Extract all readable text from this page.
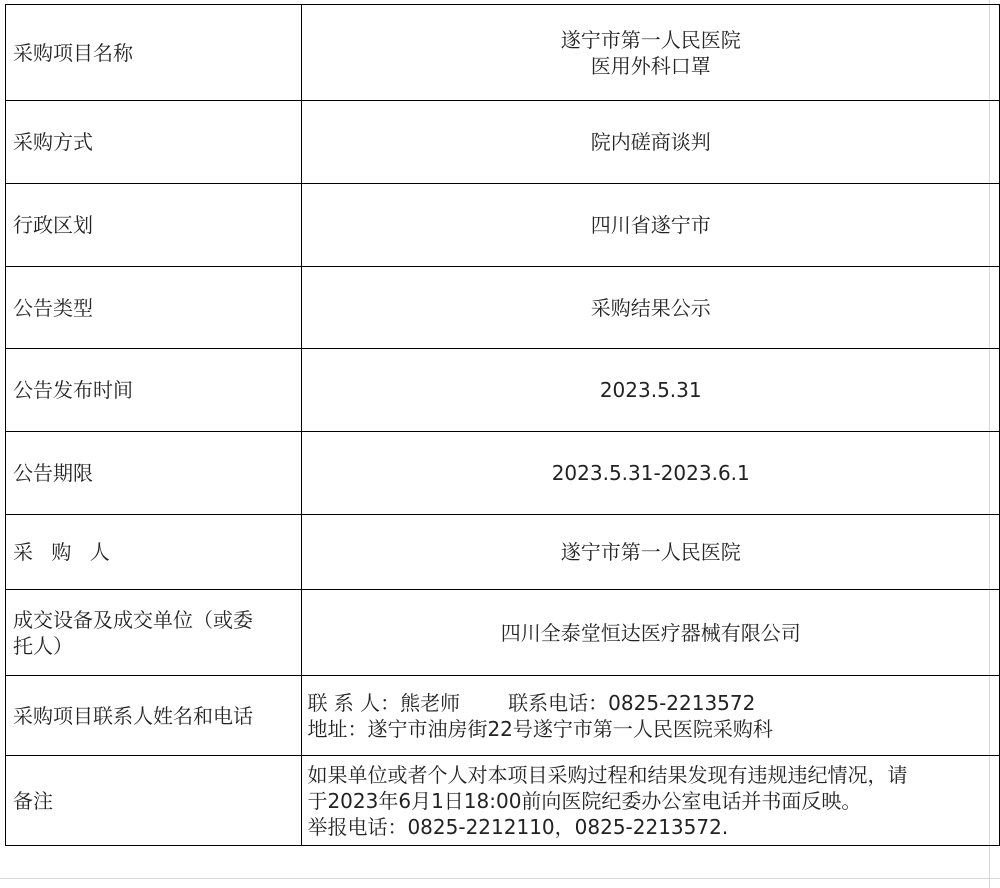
采购项目名称	遂宁市第一人民医院
医用外科口罩

采购方式	院内磋商谈判
行政区划	四川省遂宁市
公告类型	采购结果公示
公告发布时间	2023.5.31
公告期限	2023.5.31-2023.6.1
采 购 人	遂宁市第一人民医院

成交设备及成交单位（或委
托人）	四川全泰堂恒达医疗器械有限公司
采购项目联系人姓名和电话	联 系 人：熊老师 联系电话：0825-2213572
地址：遂宁市油房街22号遂宁市第一人民医院采购科

备注	如果单位或者个人对本项目采购过程和结果发现有违规违纪情况，请
于2023年6月1日18:00前向医院纪委办公室电话并书面反映。
举报电话：0825-2212110，0825-2213572.
